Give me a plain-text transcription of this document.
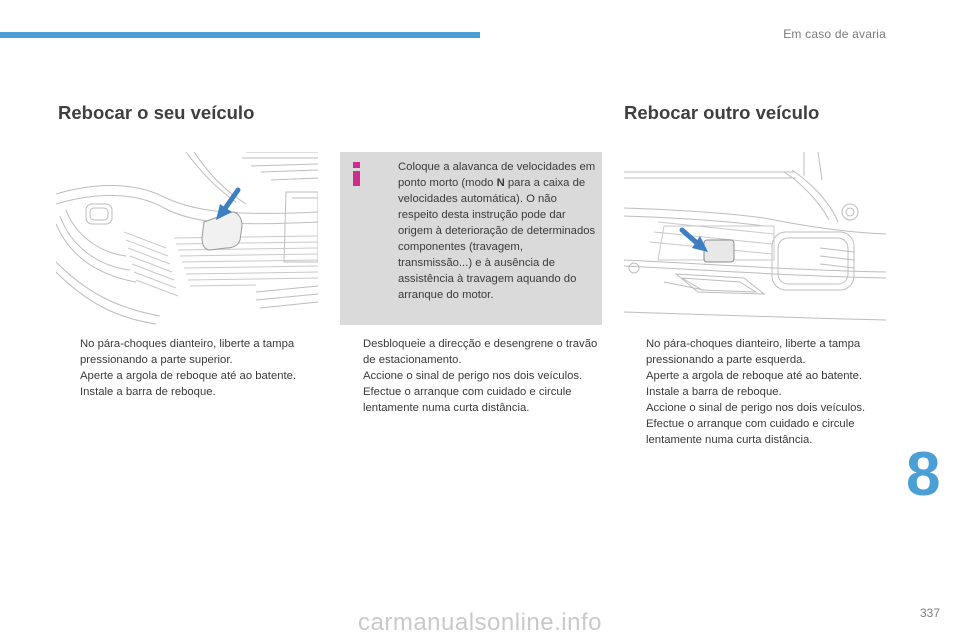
Em caso de avaria
Rebocar o seu veículo	Rebocar outro veículo
Coloque a alavanca de velocidades em ponto morto (modo N para a caixa de velocidades automática). O não respeito desta instrução pode dar origem à deterioração de determinados componentes (travagem, transmissão...) e à ausência de assistência à travagem aquando do arranque do motor.
No pára-choques dianteiro, liberte a tampa pressionando a parte superior.
Aperte a argola de reboque até ao batente.
Instale a barra de reboque.
Desbloqueie a direcção e desengrene o travão de estacionamento.
Accione o sinal de perigo nos dois veículos.
Efectue o arranque com cuidado e circule lentamente numa curta distância.
No pára-choques dianteiro, liberte a tampa pressionando a parte esquerda.
Aperte a argola de reboque até ao batente.
Instale a barra de reboque.
Accione o sinal de perigo nos dois veículos.
Efectue o arranque com cuidado e circule lentamente numa curta distância.	8
337
carmanualsonline.info
